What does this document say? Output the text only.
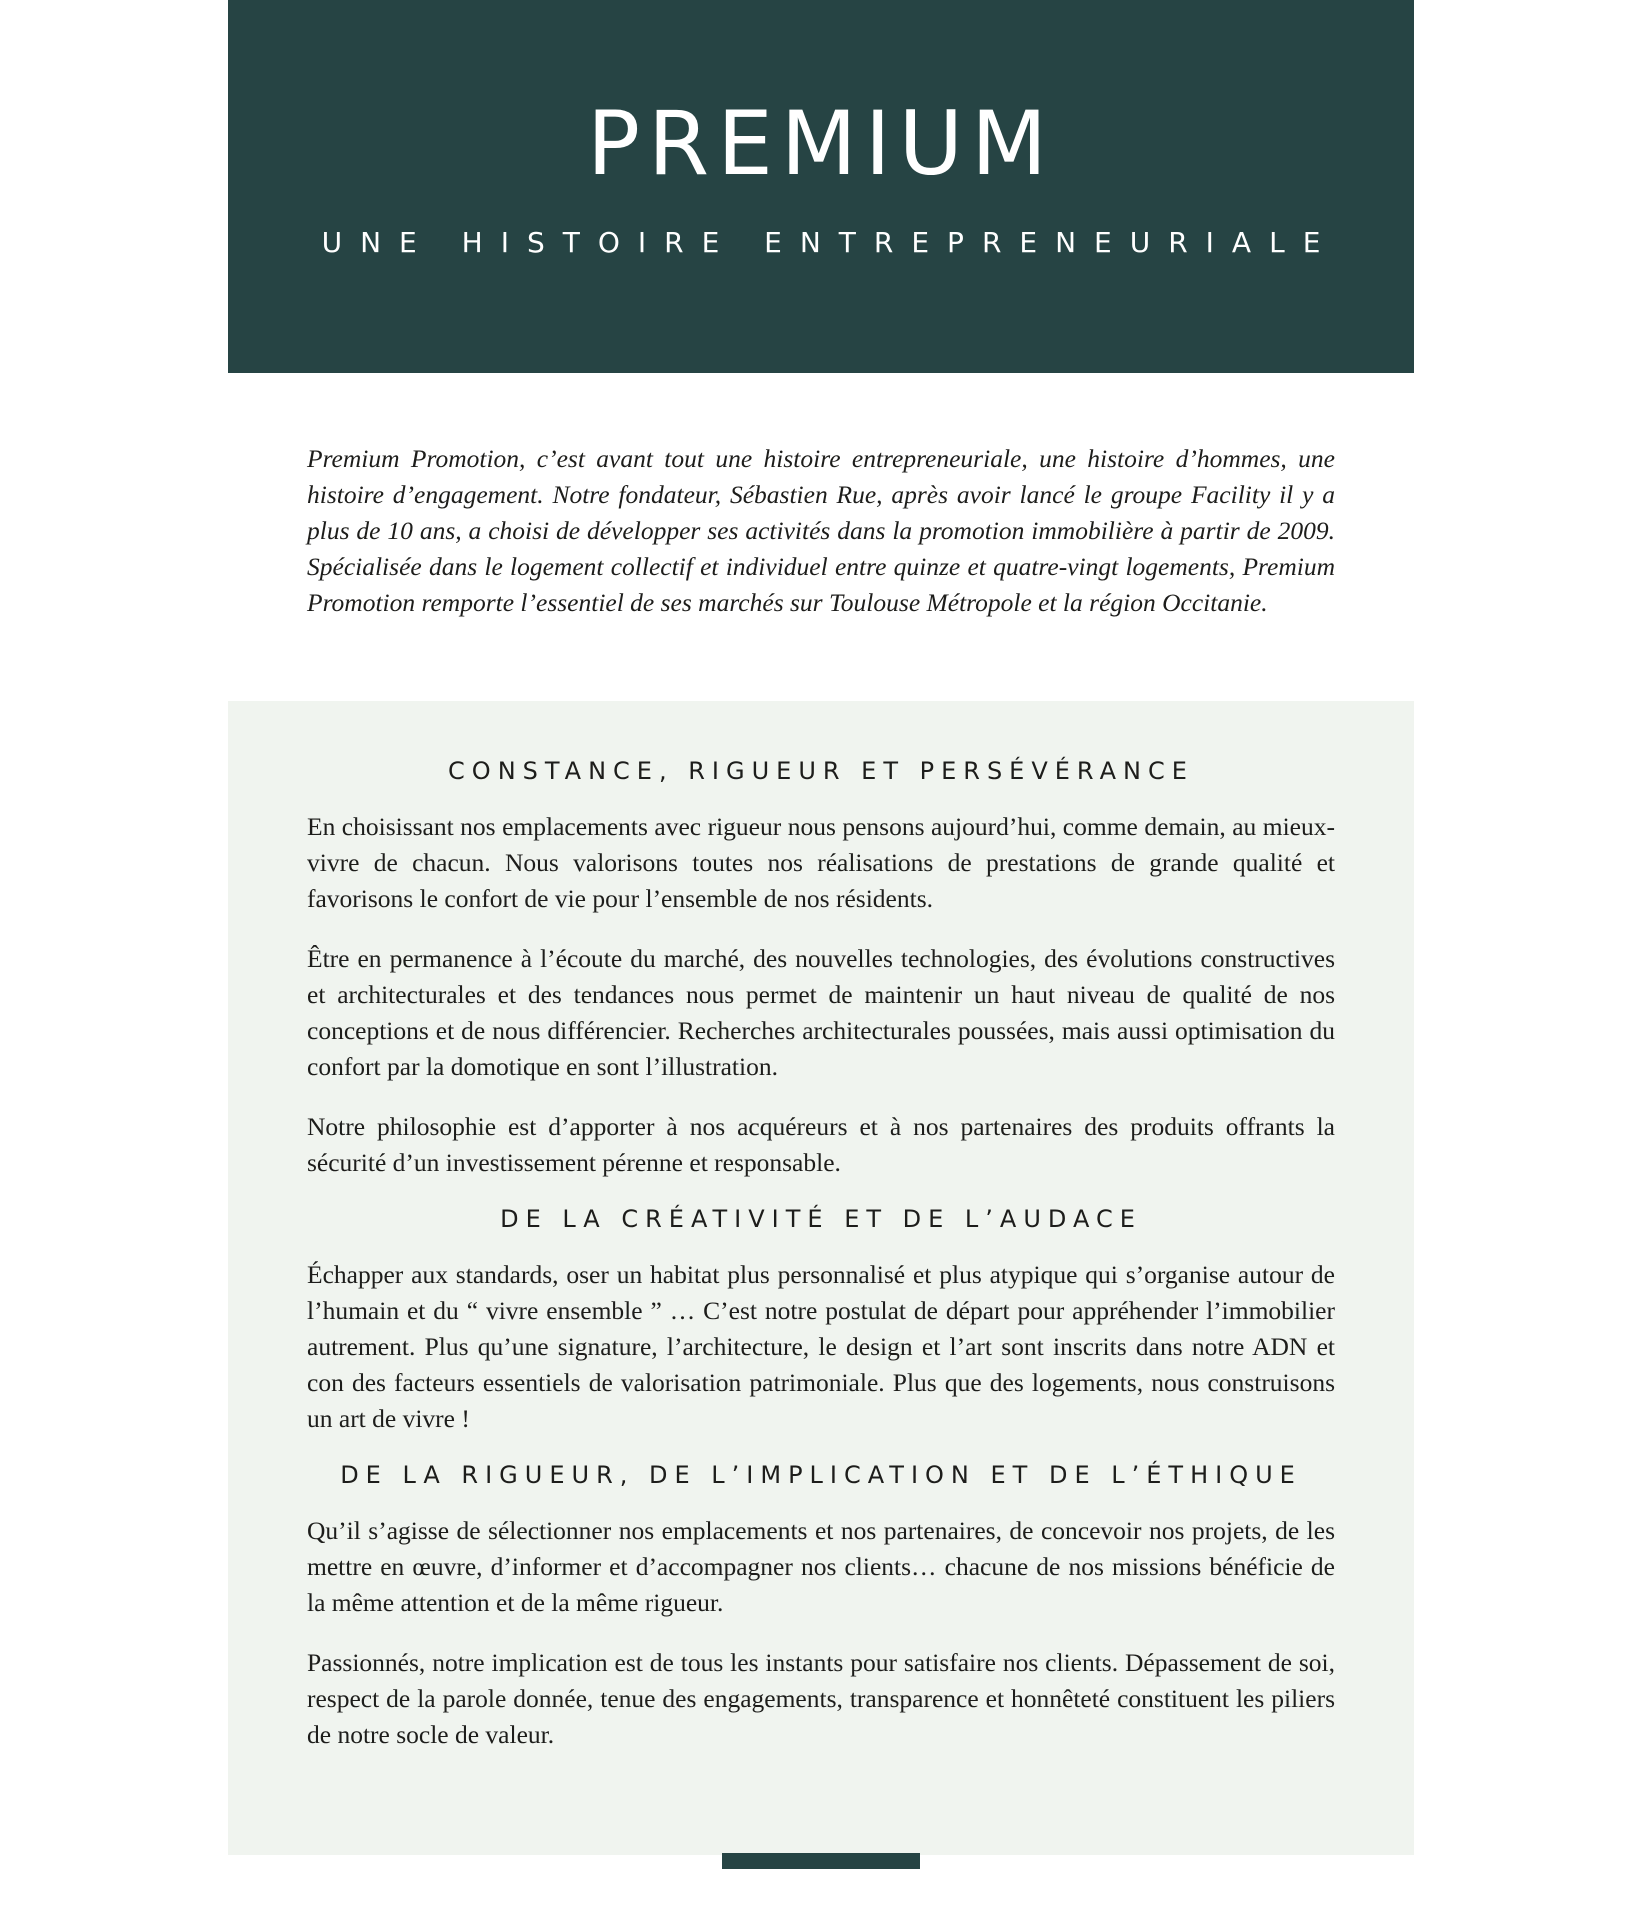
PREMIUM
UNE HISTOIRE ENTREPRENEURIALE

Premium Promotion, c’est avant tout une histoire entrepreneuriale, une histoire d’hommes, une histoire d’engagement. Notre fondateur, Sébastien Rue, après avoir lancé le groupe Facility il y a plus de 10 ans, a choisi de développer ses activités dans la promotion immobilière à partir de 2009. Spécialisée dans le logement collectif et individuel entre quinze et quatre-vingt logements, Premium Promotion remporte l’essentiel de ses marchés sur Toulouse Métropole et la région Occitanie.

CONSTANCE, RIGUEUR ET PERSÉVÉRANCE

En choisissant nos emplacements avec rigueur nous pensons aujourd’hui, comme demain, au mieux-vivre de chacun. Nous valorisons toutes nos réalisations de prestations de grande qualité et favorisons le confort de vie pour l’ensemble de nos résidents.

Être en permanence à l’écoute du marché, des nouvelles technologies, des évolutions constructives et architecturales et des tendances nous permet de maintenir un haut niveau de qualité de nos conceptions et de nous différencier. Recherches architecturales poussées, mais aussi optimisation du confort par la domotique en sont l’illustration.

Notre philosophie est d’apporter à nos acquéreurs et à nos partenaires des produits offrants la sécurité d’un investissement pérenne et responsable.

DE LA CRÉATIVITÉ ET DE L’AUDACE

Échapper aux standards, oser un habitat plus personnalisé et plus atypique qui s’organise autour de l’humain et du “ vivre ensemble ” … C’est notre postulat de départ pour appréhender l’immobilier autrement. Plus qu’une signature, l’architecture, le design et l’art sont inscrits dans notre ADN et con des facteurs essentiels de valorisation patrimoniale. Plus que des logements, nous construisons un art de vivre !

DE LA RIGUEUR, DE L’IMPLICATION ET DE L’ÉTHIQUE

Qu’il s’agisse de sélectionner nos emplacements et nos partenaires, de concevoir nos projets, de les mettre en œuvre, d’informer et d’accompagner nos clients… chacune de nos missions bénéficie de la même attention et de la même rigueur.

Passionnés, notre implication est de tous les instants pour satisfaire nos clients. Dépassement de soi, respect de la parole donnée, tenue des engagements, transparence et honnêteté constituent les piliers de notre socle de valeur.
